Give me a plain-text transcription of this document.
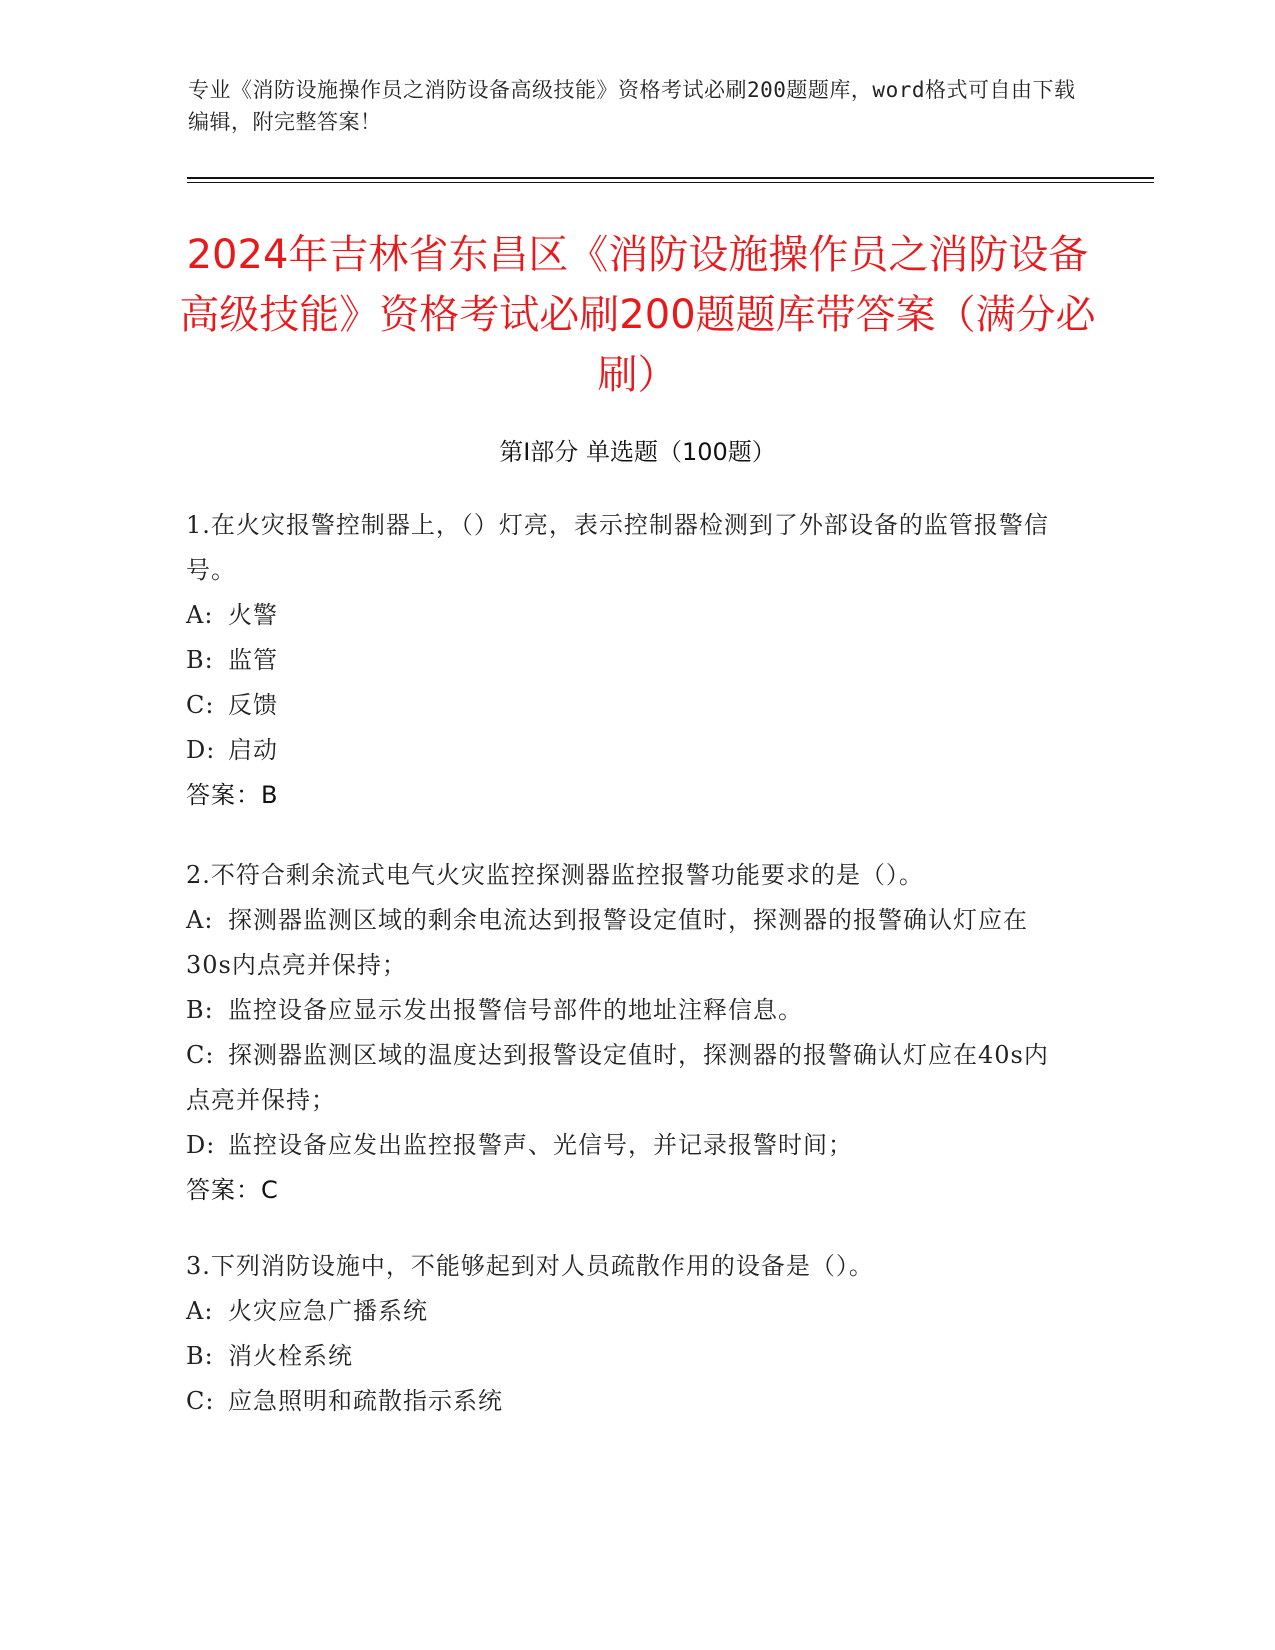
专业《消防设施操作员之消防设备高级技能》资格考试必刷200题题库，word格式可自由下载编辑，附完整答案！
2024年吉林省东昌区《消防设施操作员之消防设备高级技能》资格考试必刷200题题库带答案（满分必刷）
第Ⅰ部分 单选题（100题）

1.在火灾报警控制器上，（）灯亮，表示控制器检测到了外部设备的监管报警信号。

A: 火警

B: 监管

C: 反馈

D: 启动

答案：B

2.不符合剩余流式电气火灾监控探测器监控报警功能要求的是（）。

A: 探测器监测区域的剩余电流达到报警设定值时，探测器的报警确认灯应在30s内点亮并保持；

B: 监控设备应显示发出报警信号部件的地址注释信息。

C: 探测器监测区域的温度达到报警设定值时，探测器的报警确认灯应在40s内点亮并保持；

D: 监控设备应发出监控报警声、光信号，并记录报警时间；

答案：C

3.下列消防设施中，不能够起到对人员疏散作用的设备是（）。

A: 火灾应急广播系统

B: 消火栓系统

C: 应急照明和疏散指示系统
